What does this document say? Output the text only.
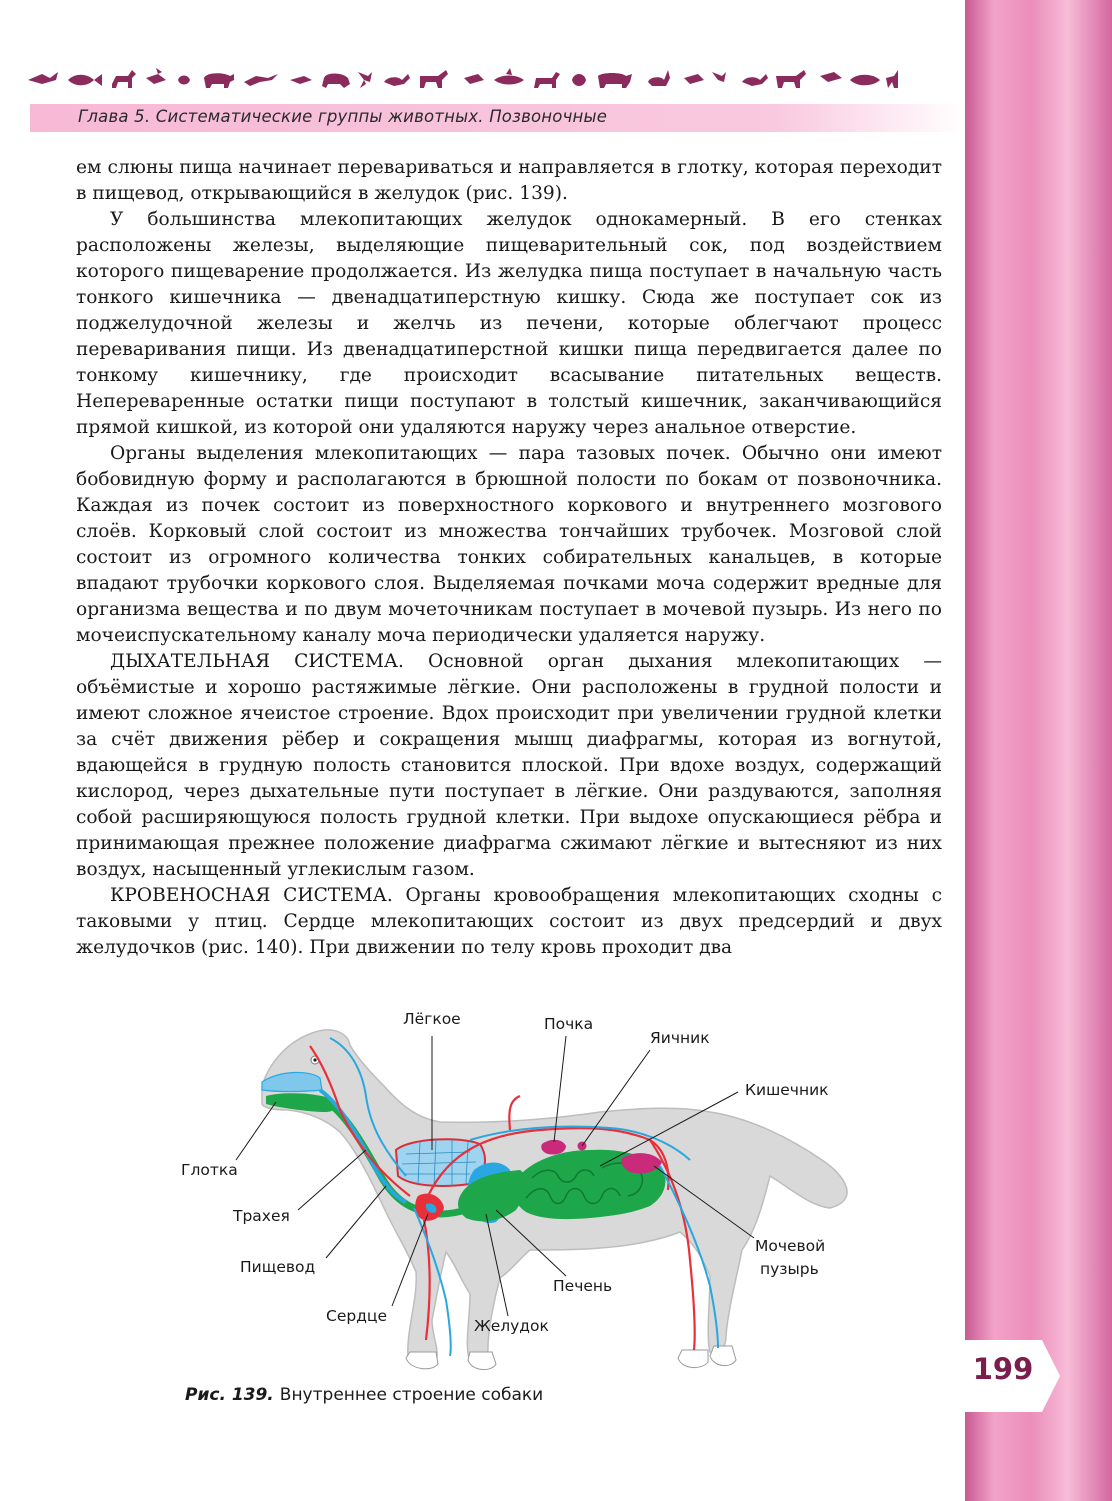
Глава 5. Систематические группы животных. Позвоночные

ем слюны пища начинает перевариваться и направляется в глотку, которая переходит в пищевод, открывающийся в желудок (рис. 139).

У большинства млекопитающих желудок однокамерный. В его стенках расположены железы, выделяющие пищеварительный сок, под воздействием которого пищеварение продолжается. Из желудка пища поступает в начальную часть тонкого кишечника — двенадцатиперстную кишку. Сюда же поступает сок из поджелудочной железы и желчь из печени, которые облегчают процесс переваривания пищи. Из двенадцатиперстной кишки пища передвигается далее по тонкому кишечнику, где происходит всасывание питательных веществ. Непереваренные остатки пищи поступают в толстый кишечник, заканчивающийся прямой кишкой, из которой они удаляются наружу через анальное отверстие.

Органы выделения млекопитающих — пара тазовых почек. Обычно они имеют бобовидную форму и располагаются в брюшной полости по бокам от позвоночника. Каждая из почек состоит из поверхностного коркового и внутреннего мозгового слоёв. Корковый слой состоит из множества тончайших трубочек. Мозговой слой состоит из огромного количества тонких собирательных канальцев, в которые впадают трубочки коркового слоя. Выделяемая почками моча содержит вредные для организма вещества и по двум мочеточникам поступает в мочевой пузырь. Из него по мочеиспускательному каналу моча периодически удаляется наружу.

ДЫХАТЕЛЬНАЯ СИСТЕМА. Основной орган дыхания млекопитающих — объёмистые и хорошо растяжимые лёгкие. Они расположены в грудной полости и имеют сложное ячеистое строение. Вдох происходит при увеличении грудной клетки за счёт движения рёбер и сокращения мышц диафрагмы, которая из вогнутой, вдающейся в грудную полость становится плоской. При вдохе воздух, содержащий кислород, через дыхательные пути поступает в лёгкие. Они раздуваются, заполняя собой расширяющуюся полость грудной клетки. При выдохе опускающиеся рёбра и принимающая прежнее положение диафрагма сжимают лёгкие и вытесняют из них воздух, насыщенный углекислым газом.

КРОВЕНОСНАЯ СИСТЕМА. Органы кровообращения млекопитающих сходны с таковыми у птиц. Сердце млекопитающих состоит из двух предсердий и двух желудочков (рис. 140). При движении по телу кровь проходит два

Лёгкое	Почка
Яичник
Кишечник
Глотка
Трахея
Пищевод
Сердце
Желудок
Печень
Мочевой
пузырь
Рис. 139. Внутреннее строение собаки
199
